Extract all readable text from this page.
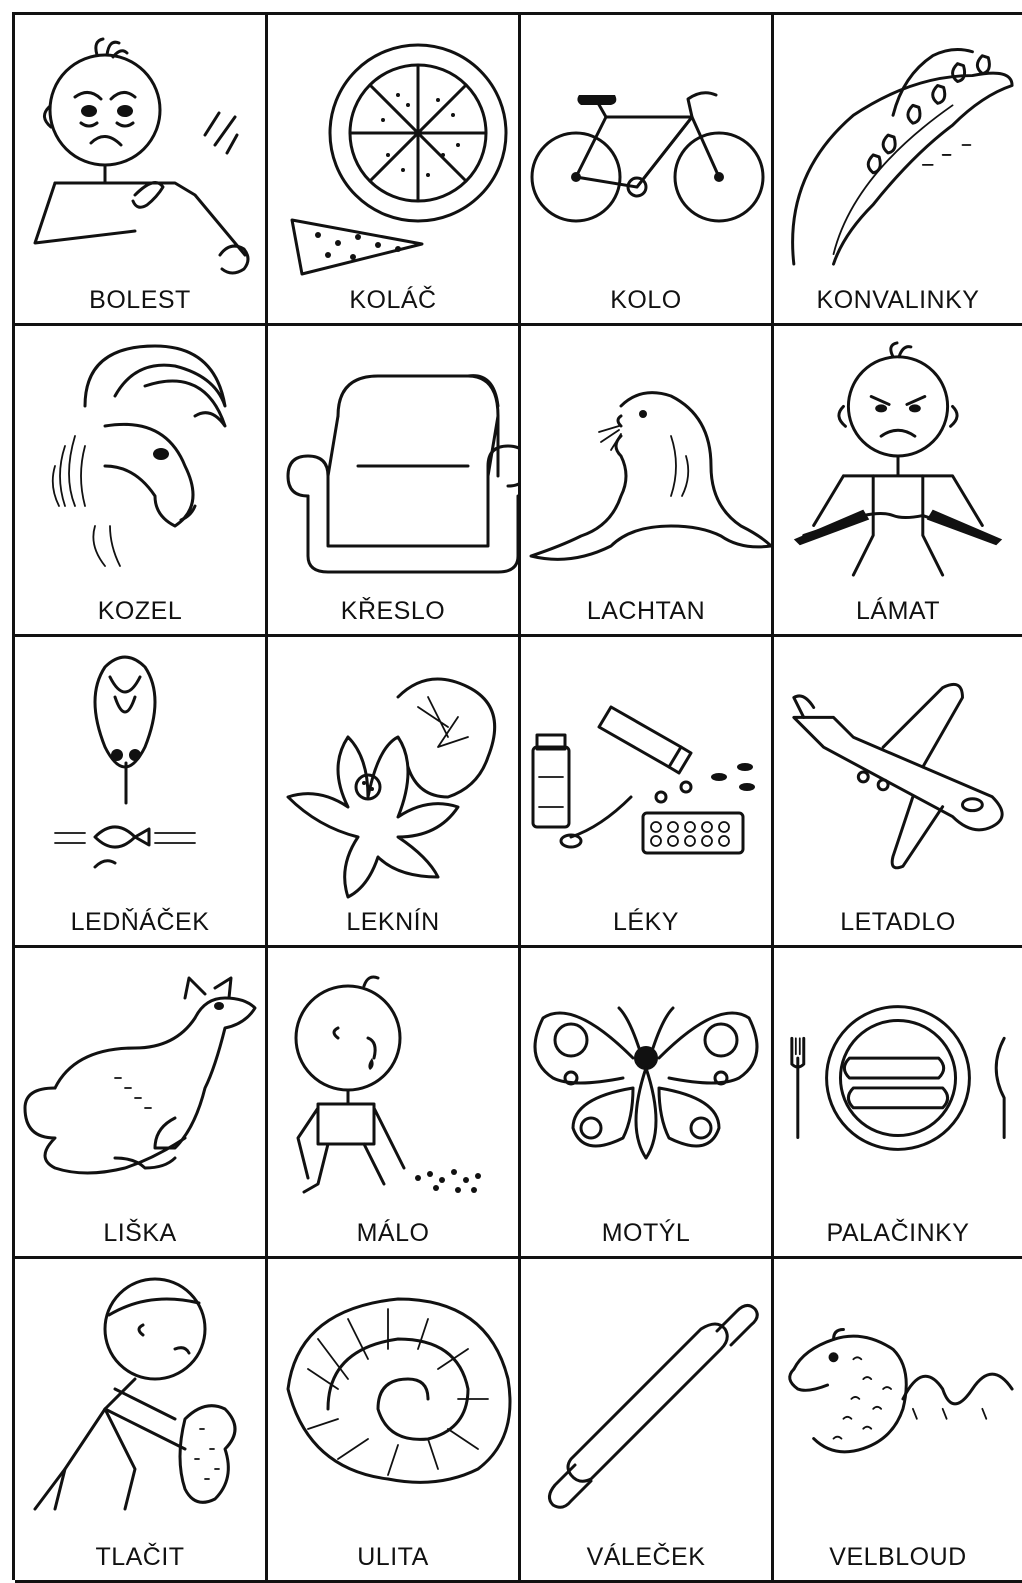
BOLEST	KOLÁČ	KOLO	KONVALINKY
KOZEL	KŘESLO	LACHTAN	LÁMAT
LEDŇÁČEK	LEKNÍN	LÉKY	LETADLO
LIŠKA	MÁLO	MOTÝL	PALAČINKY
TLAČIT	ULITA	VÁLEČEK	VELBLOUD
